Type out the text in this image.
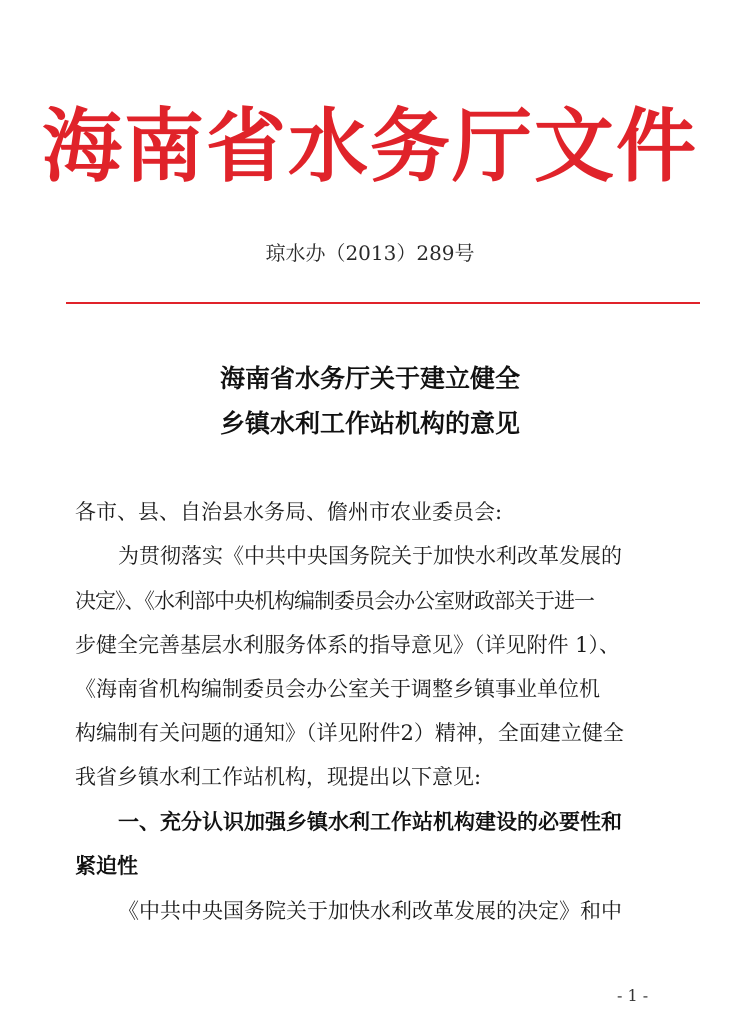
海南省水务厅文件
琼水办（2013）289号
海南省水务厅关于建立健全
乡镇水利工作站机构的意见
各市、县、自治县水务局、儋州市农业委员会:
为贯彻落实《中共中央国务院关于加快水利改革发展的
决定》、《水利部中央机构编制委员会办公室财政部关于进一
步健全完善基层水利服务体系的指导意见》（详见附件 1）、
《海南省机构编制委员会办公室关于调整乡镇事业单位机
构编制有关问题的通知》（详见附件2）精神，全面建立健全
我省乡镇水利工作站机构，现提出以下意见:
一、充分认识加强乡镇水利工作站机构建设的必要性和
紧迫性
《中共中央国务院关于加快水利改革发展的决定》和中
- 1 -
